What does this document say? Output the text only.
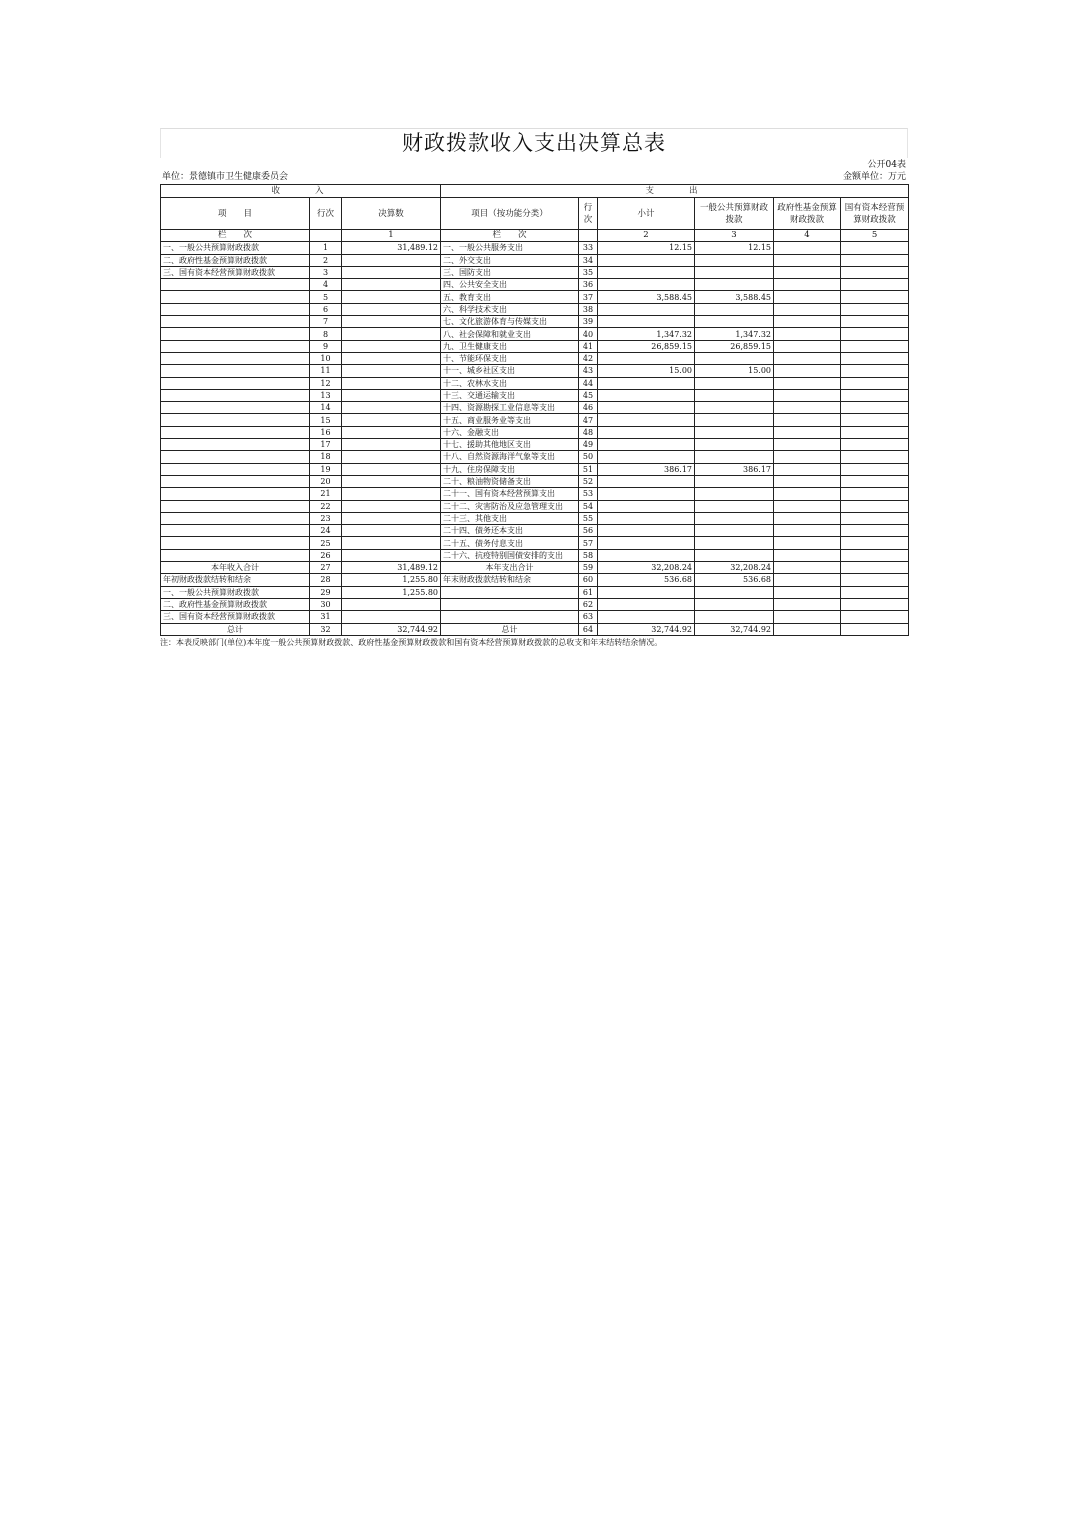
财政拨款收入支出决算总表
公开04表
单位：景德镇市卫生健康委员会	金额单位：万元
收　　入			支　　出					
项　　目	行次	决算数	项目（按功能分类）	行次	小计	一般公共预算财政拨款	政府性基金预算财政拨款	国有资本经营预算财政拨款
栏　　次		1	栏　　次		2	3	4	5
一、一般公共预算财政拨款	1	31,489.12	一、一般公共服务支出	33	12.15	12.15		
二、政府性基金预算财政拨款	2		二、外交支出	34				
三、国有资本经营预算财政拨款	3		三、国防支出	35				
	4		四、公共安全支出	36				
	5		五、教育支出	37	3,588.45	3,588.45		
	6		六、科学技术支出	38				
	7		七、文化旅游体育与传媒支出	39				
	8		八、社会保障和就业支出	40	1,347.32	1,347.32		
	9		九、卫生健康支出	41	26,859.15	26,859.15		
	10		十、节能环保支出	42				
	11		十一、城乡社区支出	43	15.00	15.00		
	12		十二、农林水支出	44				
	13		十三、交通运输支出	45				
	14		十四、资源勘探工业信息等支出	46				
	15		十五、商业服务业等支出	47				
	16		十六、金融支出	48				
	17		十七、援助其他地区支出	49				
	18		十八、自然资源海洋气象等支出	50				
	19		十九、住房保障支出	51	386.17	386.17		
	20		二十、粮油物资储备支出	52				
	21		二十一、国有资本经营预算支出	53				
	22		二十二、灾害防治及应急管理支出	54				
	23		二十三、其他支出	55				
	24		二十四、债务还本支出	56				
	25		二十五、债务付息支出	57				
	26		二十六、抗疫特别国债安排的支出	58				
本年收入合计	27	31,489.12	本年支出合计	59	32,208.24	32,208.24		
年初财政拨款结转和结余	28	1,255.80	年末财政拨款结转和结余	60	536.68	536.68		
一、一般公共预算财政拨款	29	1,255.80		61				
二、政府性基金预算财政拨款	30			62				
三、国有资本经营预算财政拨款	31			63				
总计	32	32,744.92	总计	64	32,744.92	32,744.92		
注：本表反映部门(单位)本年度一般公共预算财政拨款、政府性基金预算财政拨款和国有资本经营预算财政拨款的总收支和年末结转结余情况。
